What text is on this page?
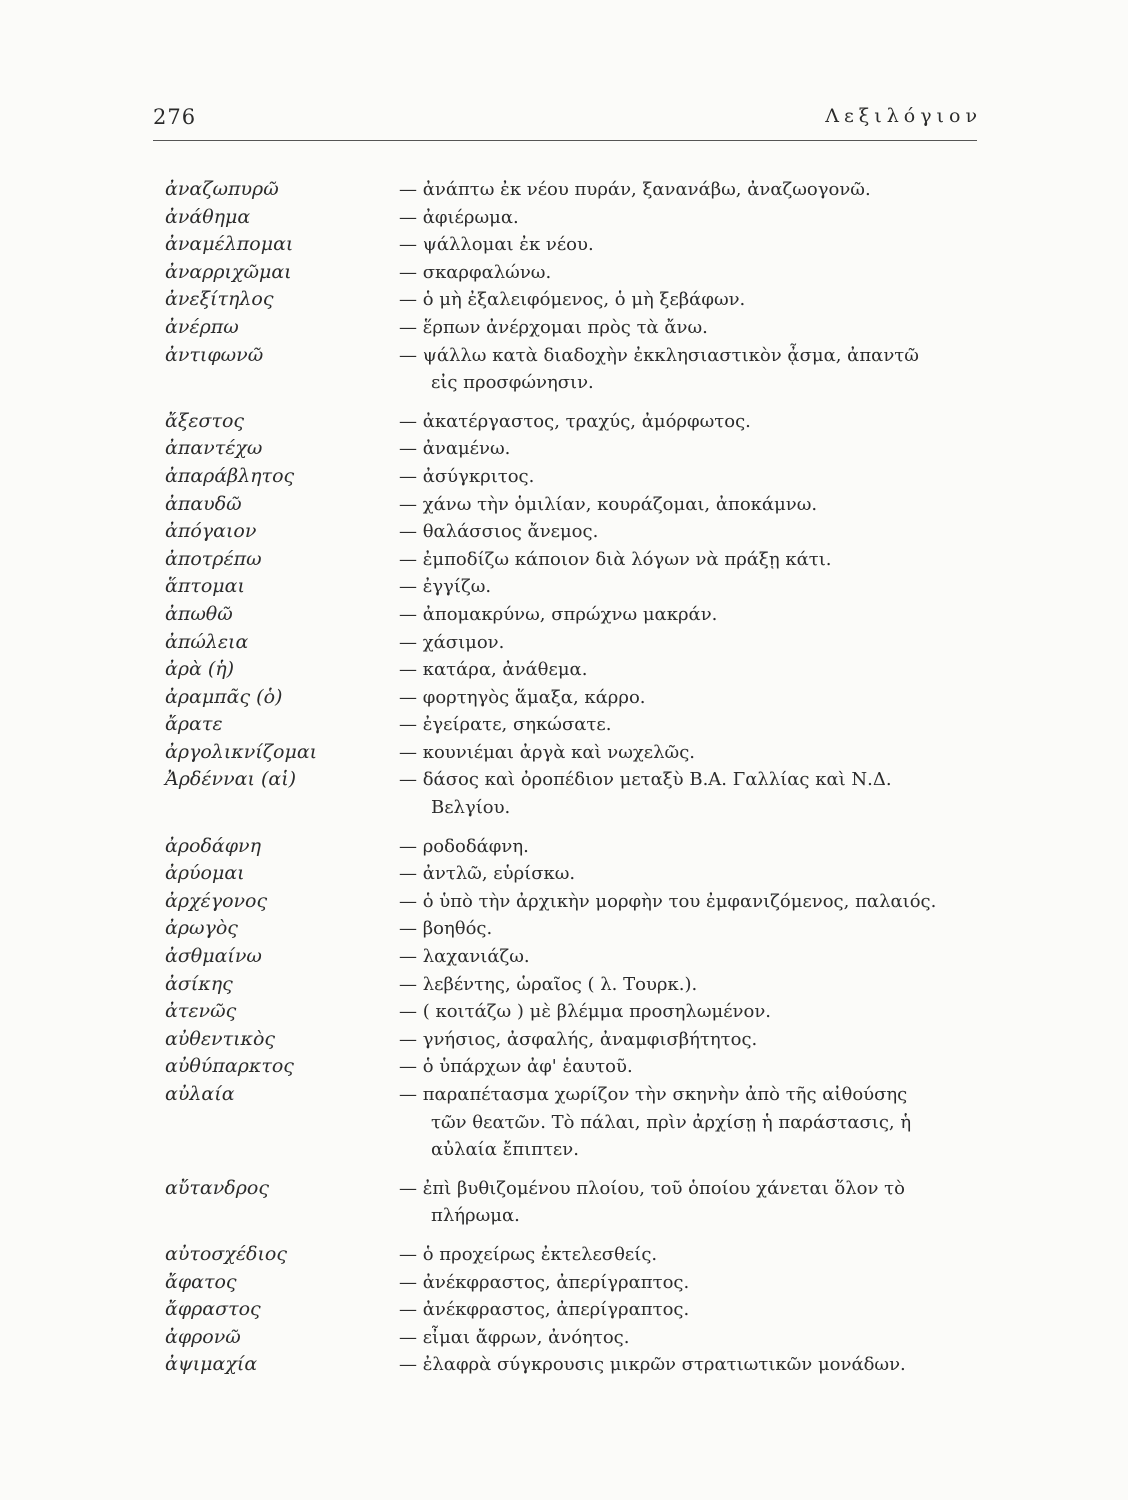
276	Λεξιλόγιον
ἀναζωπυρῶ	— ἀνάπτω ἐκ νέου πυράν, ξανανάβω, ἀναζωογονῶ.
ἀνάθημα	— ἀφιέρωμα.
ἀναμέλπομαι	— ψάλλομαι ἐκ νέου.
ἀναρριχῶμαι	— σκαρφαλώνω.
ἀνεξίτηλος	— ὁ μὴ ἐξαλειφόμενος, ὁ μὴ ξεβάφων.
ἀνέρπω	— ἕρπων ἀνέρχομαι πρὸς τὰ ἄνω.
ἀντιφωνῶ	— ψάλλω κατὰ διαδοχὴν ἐκκλησιαστικὸν ᾆσμα, ἀπαντῶ
εἰς προσφώνησιν.
ἄξεστος	— ἀκατέργαστος, τραχύς, ἀμόρφωτος.
ἀπαντέχω	— ἀναμένω.
ἀπαράβλητος	— ἀσύγκριτος.
ἀπαυδῶ	— χάνω τὴν ὁμιλίαν, κουράζομαι, ἀποκάμνω.
ἀπόγαιον	— θαλάσσιος ἄνεμος.
ἀποτρέπω	— ἐμποδίζω κάποιον διὰ λόγων νὰ πράξῃ κάτι.
ἅπτομαι	— ἐγγίζω.
ἀπωθῶ	— ἀπομακρύνω, σπρώχνω μακράν.
ἀπώλεια	— χάσιμον.
ἀρὰ (ἡ)	— κατάρα, ἀνάθεμα.
ἀραμπᾶς (ὁ)	— φορτηγὸς ἅμαξα, κάρρο.
ἄρατε	— ἐγείρατε, σηκώσατε.
ἀργολικνίζομαι	— κουνιέμαι ἀργὰ καὶ νωχελῶς.
Ἀρδένναι (αἱ)	— δάσος καὶ ὀροπέδιον μεταξὺ Β.Α. Γαλλίας καὶ Ν.Δ.
Βελγίου.
ἀροδάφνη	— ροδοδάφνη.
ἀρύομαι	— ἀντλῶ, εὑρίσκω.
ἀρχέγονος	— ὁ ὑπὸ τὴν ἀρχικὴν μορφὴν του ἐμφανιζόμενος, παλαιός.
ἀρωγὸς	— βοηθός.
ἀσθμαίνω	— λαχανιάζω.
ἀσίκης	— λεβέντης, ὡραῖος ( λ. Τουρκ.).
ἀτενῶς	— ( κοιτάζω ) μὲ βλέμμα προσηλωμένον.
αὐθεντικὸς	— γνήσιος, ἀσφαλής, ἀναμφισβήτητος.
αὐθύπαρκτος	— ὁ ὑπάρχων ἀφ' ἑαυτοῦ.
αὐλαία	— παραπέτασμα χωρίζον τὴν σκηνὴν ἀπὸ τῆς αἰθούσης
τῶν θεατῶν. Τὸ πάλαι, πρὶν ἀρχίσῃ ἡ παράστασις, ἡ
αὐλαία ἔπιπτεν.
αὔτανδρος	— ἐπὶ βυθιζομένου πλοίου, τοῦ ὁποίου χάνεται ὅλον τὸ
πλήρωμα.
αὐτοσχέδιος	— ὁ προχείρως ἐκτελεσθείς.
ἄφατος	— ἀνέκφραστος, ἀπερίγραπτος.
ἄφραστος	— ἀνέκφραστος, ἀπερίγραπτος.
ἀφρονῶ	— εἶμαι ἄφρων, ἀνόητος.
ἀψιμαχία	— ἐλαφρὰ σύγκρουσις μικρῶν στρατιωτικῶν μονάδων.
